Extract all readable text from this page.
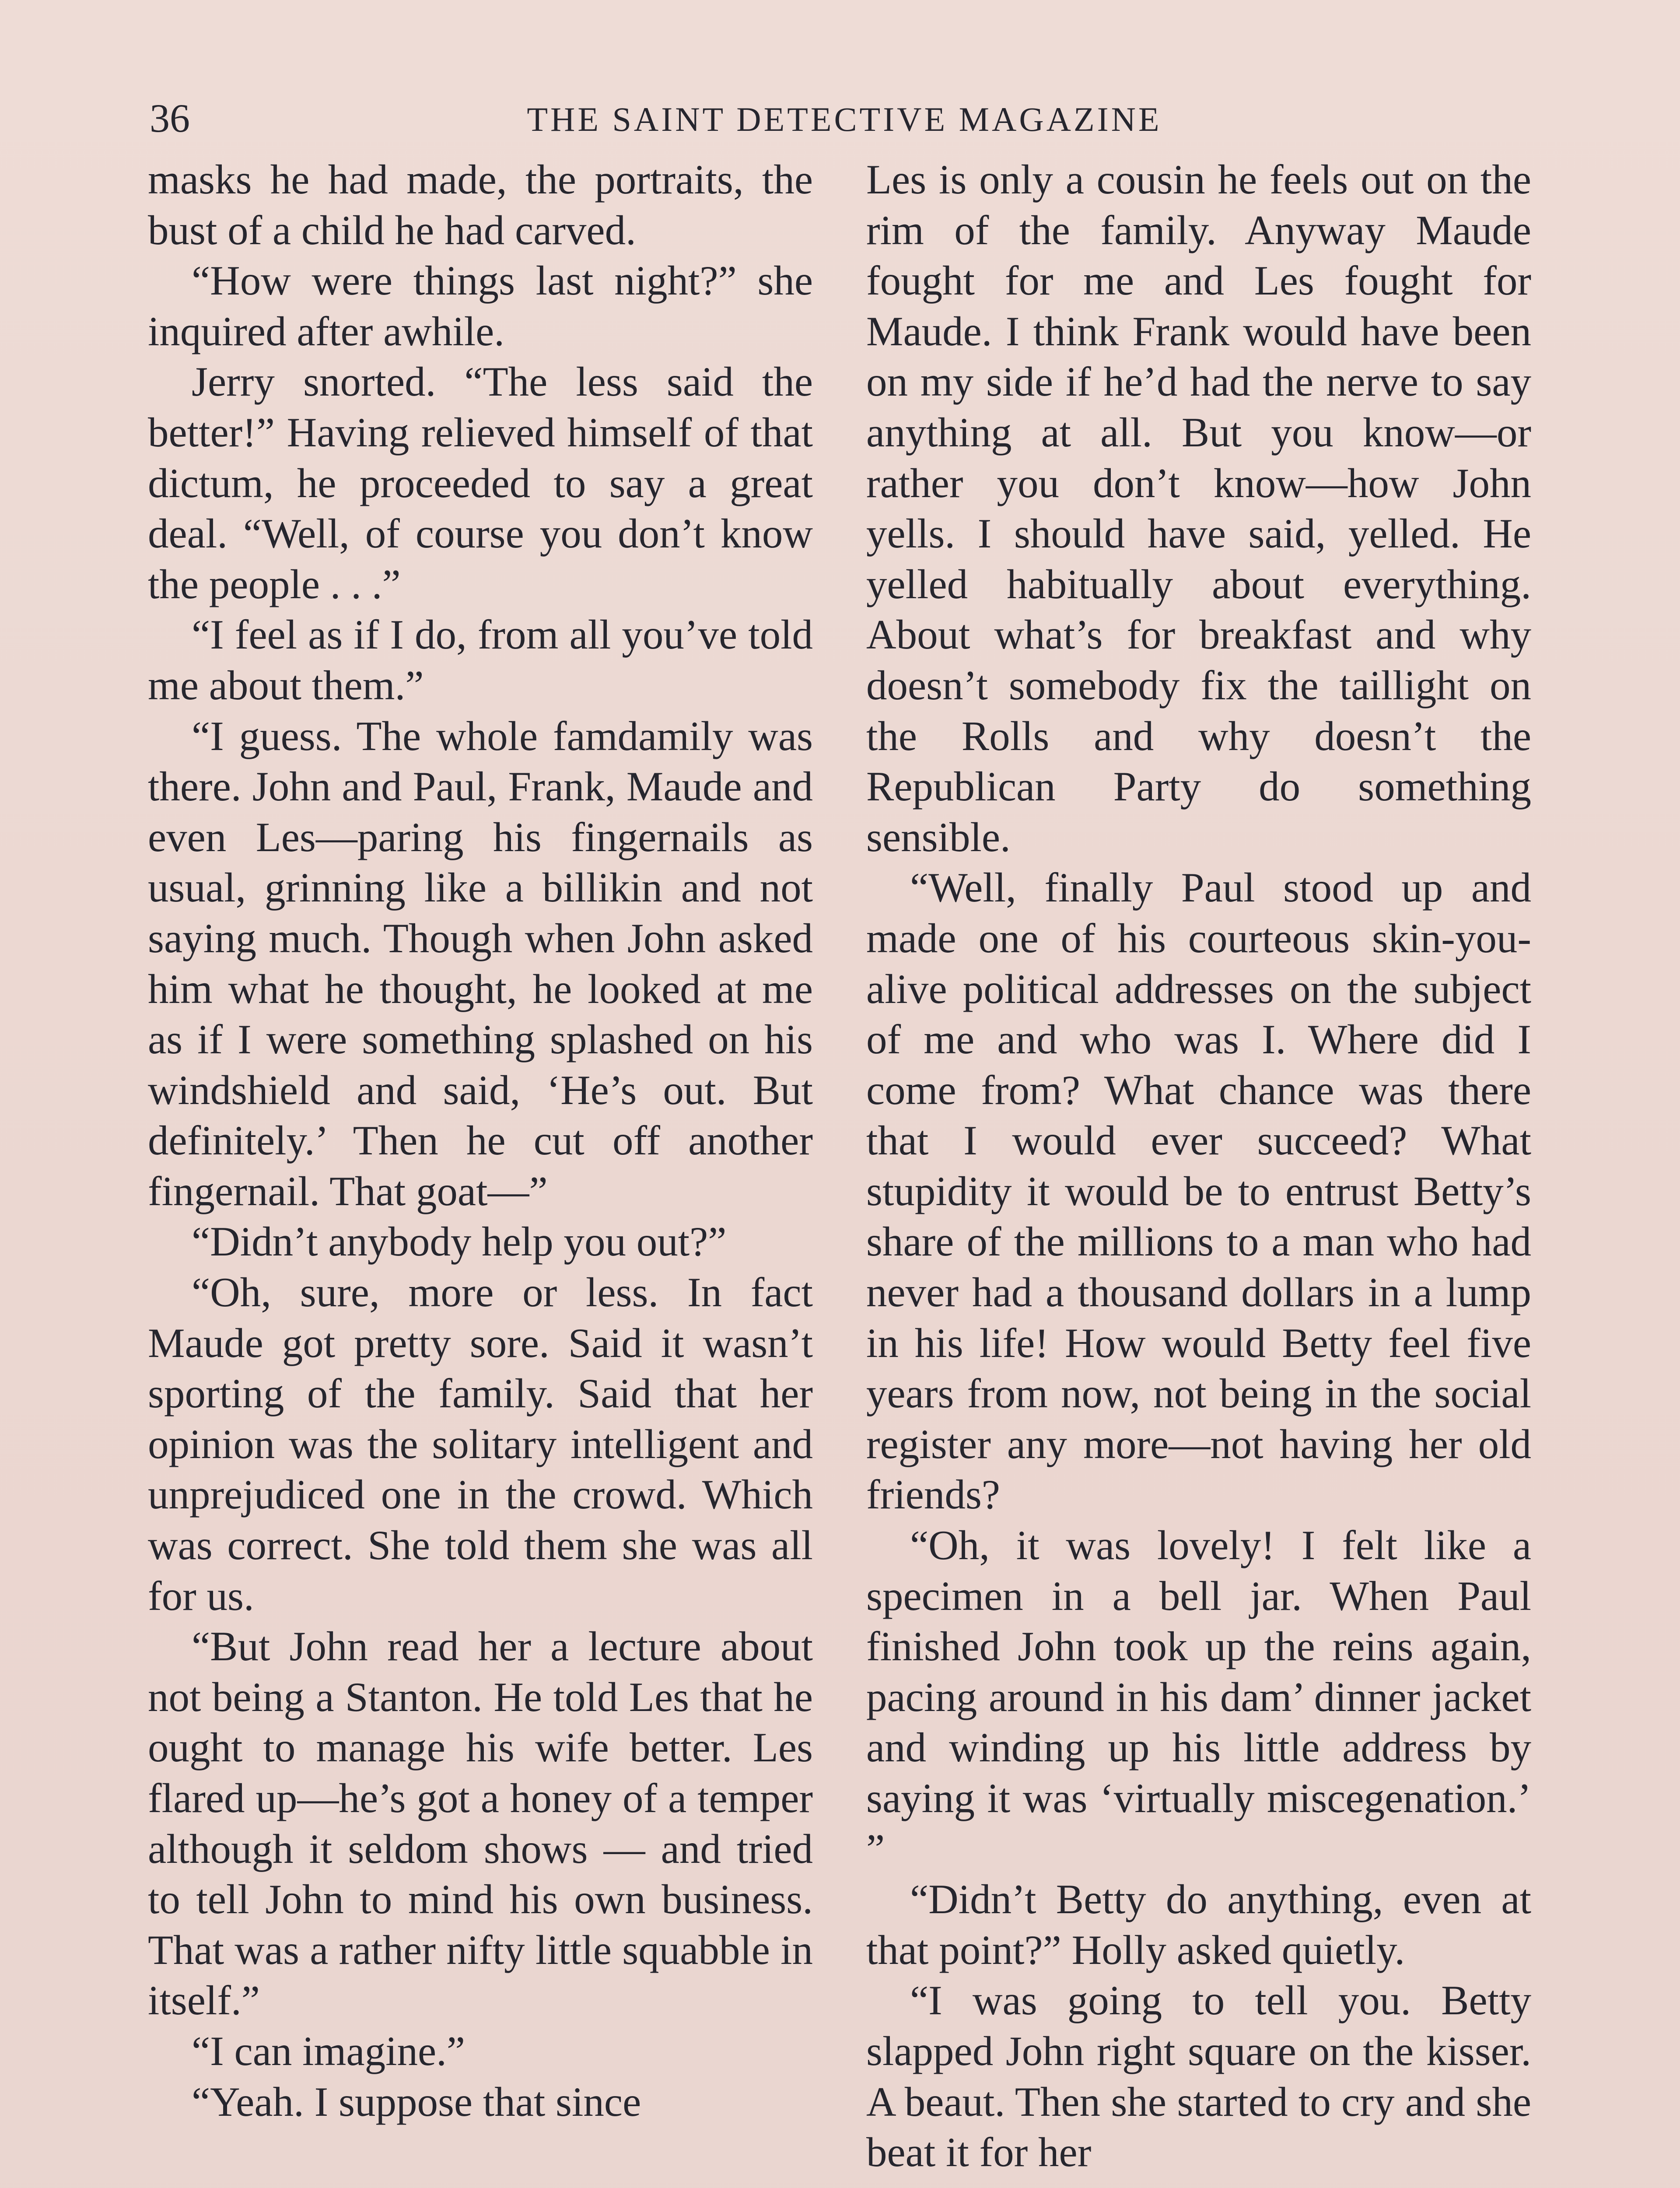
36	THE SAINT DETECTIVE MAGAZINE

masks he had made, the portraits, the bust of a child he had carved.

“How were things last night?” she inquired after awhile.

Jerry snorted. “The less said the better!” Having relieved himself of that dictum, he proceeded to say a great deal. “Well, of course you don’t know the people . . .”

“I feel as if I do, from all you’ve told me about them.”

“I guess. The whole famdamily was there. John and Paul, Frank, Maude and even Les—paring his fingernails as usual, grinning like a billikin and not saying much. Though when John asked him what he thought, he looked at me as if I were something splashed on his windshield and said, ‘He’s out. But definitely.’ Then he cut off another fingernail. That goat—”

“Didn’t anybody help you out?”

“Oh, sure, more or less. In fact Maude got pretty sore. Said it wasn’t sporting of the family. Said that her opinion was the solitary intelligent and unprejudiced one in the crowd. Which was correct. She told them she was all for us.

“But John read her a lecture about not being a Stanton. He told Les that he ought to manage his wife better. Les flared up—he’s got a honey of a temper although it seldom shows — and tried to tell John to mind his own business. That was a rather nifty little squabble in itself.”

“I can imagine.”

“Yeah. I suppose that since

Les is only a cousin he feels out on the rim of the family. Anyway Maude fought for me and Les fought for Maude. I think Frank would have been on my side if he’d had the nerve to say anything at all. But you know—or rather you don’t know—how John yells. I should have said, yelled. He yelled habitually about everything. About what’s for breakfast and why doesn’t somebody fix the taillight on the Rolls and why doesn’t the Republican Party do something sensible.

“Well, finally Paul stood up and made one of his courteous skin-you-alive political addresses on the subject of me and who was I. Where did I come from? What chance was there that I would ever succeed? What stupidity it would be to entrust Betty’s share of the millions to a man who had never had a thousand dollars in a lump in his life! How would Betty feel five years from now, not being in the social register any more—not having her old friends?

“Oh, it was lovely! I felt like a specimen in a bell jar. When Paul finished John took up the reins again, pacing around in his dam’ dinner jacket and winding up his little address by saying it was ‘virtually miscegenation.’ ”

“Didn’t Betty do anything, even at that point?” Holly asked quietly.

“I was going to tell you. Betty slapped John right square on the kisser. A beaut. Then she started to cry and she beat it for her
